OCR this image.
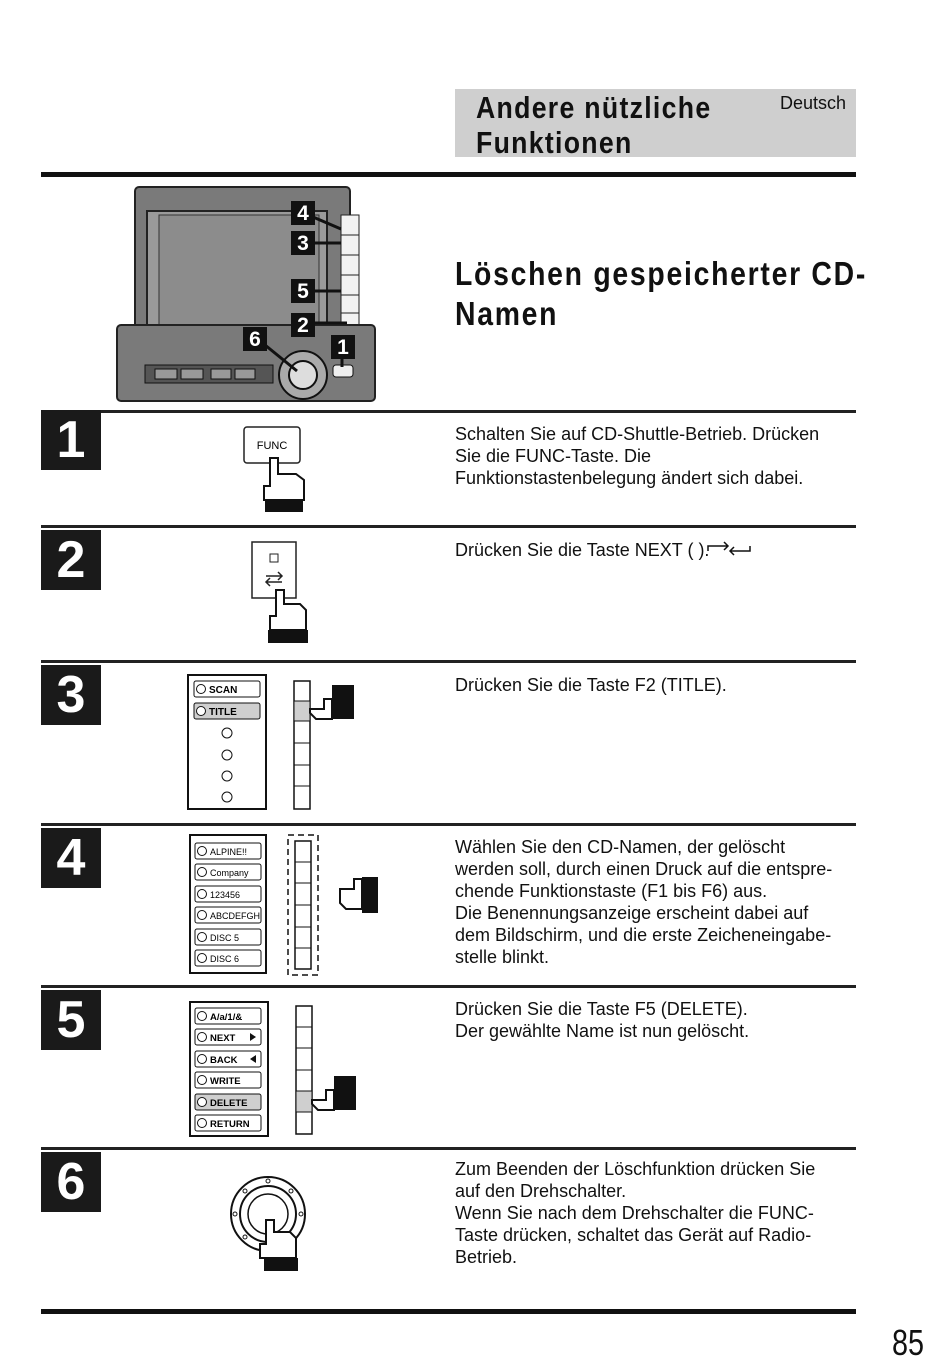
Andere nützliche Funktionen
Deutsch
4
3
5
2
6	1
Löschen gespeicherter CD-Namen
1	FUNC
Schalten Sie auf CD-Shuttle-Betrieb. Drücken
Sie die FUNC-Taste. Die
Funktionstastenbelegung ändert sich dabei.
2	Drücken Sie die Taste NEXT ( ).
3	SCAN
TITLE
Drücken Sie die Taste F2 (TITLE).
4	ALPINE!!
Company
123456
ABCDEFGH
DISC 5
DISC 6
Wählen Sie den CD-Namen, der gelöscht
werden soll, durch einen Druck auf die entspre-
chende Funktionstaste (F1 bis F6) aus.
Die Benennungsanzeige erscheint dabei auf
dem Bildschirm, und die erste Zeicheneingabe-
stelle blinkt.
5	A/a/1/&
NEXT
BACK
WRITE
DELETE
RETURN
Drücken Sie die Taste F5 (DELETE).
Der gewählte Name ist nun gelöscht.
6	Zum Beenden der Löschfunktion drücken Sie
auf den Drehschalter.
Wenn Sie nach dem Drehschalter die FUNC-
Taste drücken, schaltet das Gerät auf Radio-
Betrieb.
85
